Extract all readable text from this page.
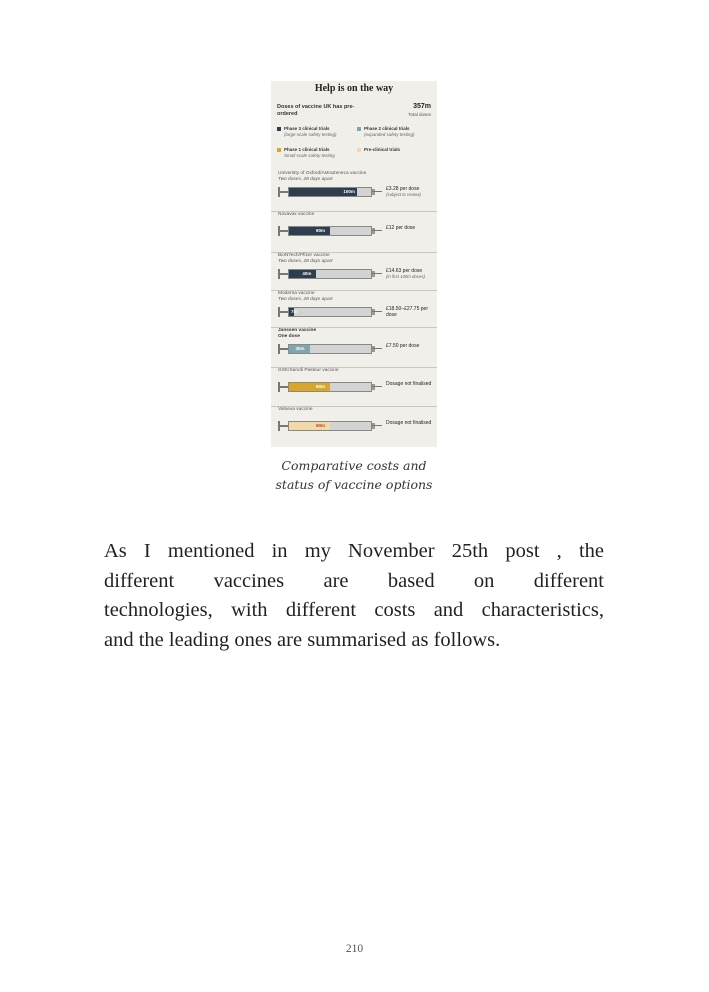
Help is on the way
Doses of vaccine UK has pre-ordered
357m
Total doses
Phase 3 clinical trials
(large scale safety testing)
Phase 2 clinical trials
(expanded safety testing)
Phase 1 clinical trials
Small scale safety testing
Pre-clinical trials
University of Oxford/AstraZeneca vaccine
Two doses, 28 days apart
100m	£3.28 per dose
(subject to review)
Novavax vaccine
60m	£12 per dose
BioNTech/Pfizer vaccine
Two doses, 28 days apart
40m	£14.63 per dose
(in first 100m doses)
Moderna vaccine
Two doses, 28 days apart
7m	£18.50–£27.75 per dose
Janssen vaccine
One dose
30m	£7.50 per dose
GSK/Sanofi Pasteur vaccine
60m	Dosage not finalised
Valneva vaccine
60m	Dosage not finalised
Comparative costs and
status of vaccine options
As I mentioned in my November 25th post , the
different vaccines are based on different
technologies, with different costs and characteristics,
and the leading ones are summarised as follows.
210
